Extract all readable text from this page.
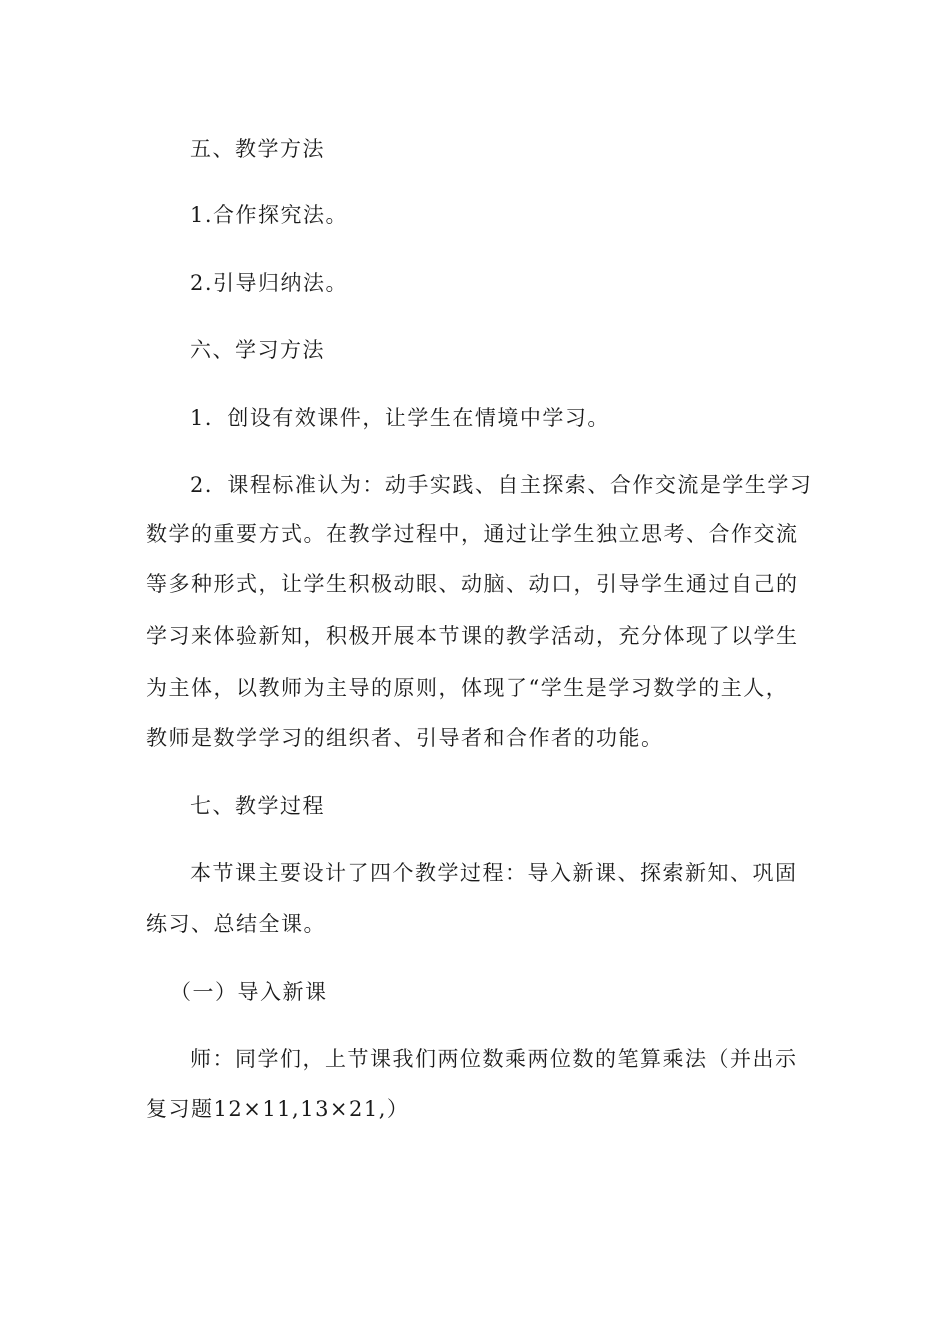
五、教学方法
1.合作探究法。
2.引导归纳法。
六、学习方法
1．创设有效课件，让学生在情境中学习。
2．课程标准认为：动手实践、自主探索、合作交流是学生学习
数学的重要方式。在教学过程中，通过让学生独立思考、合作交流
等多种形式，让学生积极动眼、动脑、动口，引导学生通过自己的
学习来体验新知，积极开展本节课的教学活动，充分体现了以学生
为主体，以教师为主导的原则，体现了“学生是学习数学的主人，
教师是数学学习的组织者、引导者和合作者的功能。
七、教学过程
本节课主要设计了四个教学过程：导入新课、探索新知、巩固
练习、总结全课。
（一）导入新课
师：同学们，上节课我们两位数乘两位数的笔算乘法（并出示
复习题12×11,13×21,）
